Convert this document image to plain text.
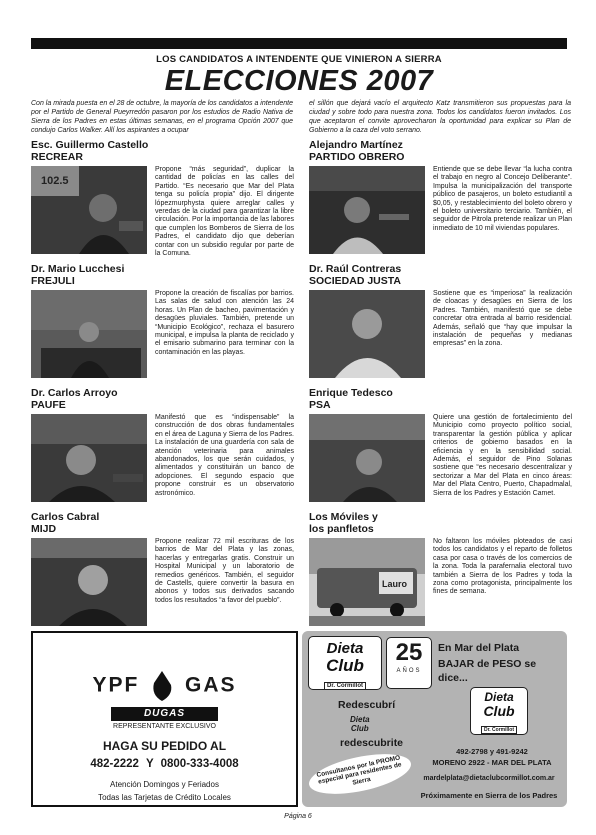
LOS CANDIDATOS A INTENDENTE QUE VINIERON A SIERRA
ELECCIONES 2007
Con la mirada puesta en el 28 de octubre, la mayoría de los candidatos a intendente por el Partido de General Pueyrredón pasaron por los estudios de Radio Nativa de Sierra de los Padres en estas últimas semanas, en el programa Opción 2007 que condujo Carlos Walker. Allí los aspirantes a ocupar
el sillón que dejará vacío el arquitecto Katz transmitieron sus propuestas para la ciudad y sobre todo para nuestra zona. Todos los candidatos fueron invitados. Los que aceptaron el convite aprovecharon la oportunidad para explicar su Plan de Gobierno a la caza del voto serrano.
Esc. Guillermo Castello
RECREAR
102.5
Propone “más seguridad”, duplicar la cantidad de policías en las calles del Partido. “Es necesario que Mar del Plata tenga su policía propia” dijo. El dirigente lópezmurphysta quiere arreglar calles y veredas de la ciudad para garantizar la libre circulación. Por la importancia de las labores que cumplen los Bomberos de Sierra de los Padres, el candidato dijo que deberían contar con un subsidio regular por parte de la Comuna.
Alejandro Martínez
PARTIDO OBRERO
Entiende que se debe llevar “la lucha contra el trabajo en negro al Concejo Deliberante”. Impulsa la municipalización del transporte público de pasajeros, un boleto estudiantil a $0,05, y restablecimiento del boleto obrero y el boleto universitario terciario. También, el seguidor de Pitrola pretende realizar un Plan inmediato de 10 mil viviendas populares.
Dr. Mario Lucchesi
FREJULI
Propone la creación de fiscalías por barrios. Las salas de salud con atención las 24 horas. Un Plan de bacheo, pavimentación y desagües pluviales. También, pretende un “Municipio Ecológico”, rechaza el basurero municipal, e impulsa la planta de reciclado y el emisario submarino para terminar con la contaminación en las playas.
Dr. Raúl Contreras
SOCIEDAD JUSTA
Sostiene que es “imperiosa” la realización de cloacas y desagües en Sierra de los Padres. También, manifestó que se debe concretar otra entrada al barrio residencial. Además, señaló que “hay que impulsar la instalación de pequeñas y medianas empresas” en la zona.
Dr. Carlos Arroyo
PAUFE
Manifestó que es “indispensable” la construcción de dos obras fundamentales en el área de Laguna y Sierra de los Padres. La instalación de una guardería con sala de atención veterinaria para animales abandonados, los que serán cuidados, y alimentados y constituirán un banco de adopciones. El segundo espacio que propone construir es un observatorio astronómico.
Enrique Tedesco
PSA
Quiere una gestión de fortalecimiento del Municipio como proyecto político social, transparentar la gestión pública y aplicar criterios de gobierno basados en la eficiencia y en la sensibilidad social. Además, el seguidor de Pino Solanas sostiene que “es necesario descentralizar y sectorizar a Mar del Plata en cinco áreas: Mar del Plata Centro, Puerto, Chapadmalal, Sierra de los Padres y Estación Camet.
Carlos Cabral
MIJD
Propone realizar 72 mil escrituras de los barrios de Mar del Plata y las zonas, hacerlas y entregarlas gratis. Construir un Hospital Municipal y un laboratorio de remedios genéricos. También, el seguidor de Castells, quiere convertir la basura en abonos y todos sus derivados sacando todos los resultados “a favor del pueblo”.
Los Móviles y
los panfletos
Lauro
No faltaron los móviles ploteados de casi todos los candidatos y el reparto de folletos casa por casa o través de los comercios de la zona. Toda la parafernalia electoral tuvo también a Sierra de los Padres y toda la zona como protagonista, principalmente los fines de semana.
YPF GAS
DUGAS
REPRESENTANTE EXCLUSIVO
HAGA SU PEDIDO AL
482-2222 Y 0800-333-4008
Atención Domingos y Feriados
Todas las Tarjetas de Crédito Locales
Dieta
Club
Dr. Cormillot
25
AÑOS
En Mar del Plata
BAJAR de PESO se dice...
Redescubrí
Dieta
Club
redescubrite
Consultanos por la PROMO especial para residentes de Sierra
Dieta
Club
Dr. Cormillot
492-2798 y 491-9242
MORENO 2922 - MAR DEL PLATA
mardelplata@dietaclubcormillot.com.ar
Próximamente en Sierra de los Padres
Página 6
